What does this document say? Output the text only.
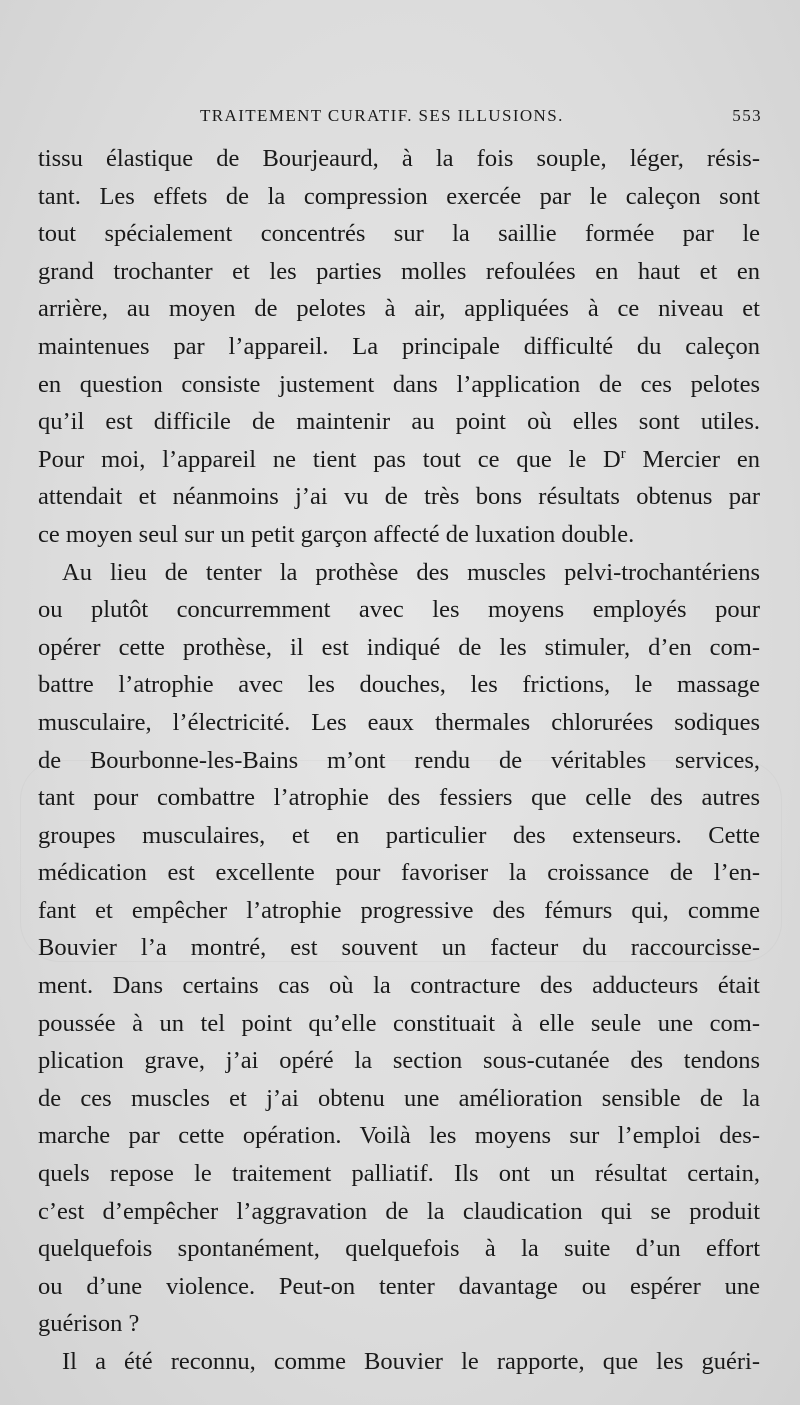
TRAITEMENT CURATIF. SES ILLUSIONS.	553

tissu élastique de Bourjeaurd, à la fois souple, léger, résis-
tant. Les effets de la compression exercée par le caleçon sont
tout spécialement concentrés sur la saillie formée par le
grand trochanter et les parties molles refoulées en haut et en
arrière, au moyen de pelotes à air, appliquées à ce niveau et
maintenues par l’appareil. La principale difficulté du caleçon
en question consiste justement dans l’application de ces pelotes
qu’il est difficile de maintenir au point où elles sont utiles.
Pour moi, l’appareil ne tient pas tout ce que le $D^r$ Mercier en
attendait et néanmoins j’ai vu de très bons résultats obtenus par
ce moyen seul sur un petit garçon affecté de luxation double.

Au lieu de tenter la prothèse des muscles pelvi-trochantériens
ou plutôt concurremment avec les moyens employés pour
opérer cette prothèse, il est indiqué de les stimuler, d’en com-
battre l’atrophie avec les douches, les frictions, le massage
musculaire, l’électricité. Les eaux thermales chlorurées sodiques
de Bourbonne-les-Bains m’ont rendu de véritables services,
tant pour combattre l’atrophie des fessiers que celle des autres
groupes musculaires, et en particulier des extenseurs. Cette
médication est excellente pour favoriser la croissance de l’en-
fant et empêcher l’atrophie progressive des fémurs qui, comme
Bouvier l’a montré, est souvent un facteur du raccourcisse-
ment. Dans certains cas où la contracture des adducteurs était
poussée à un tel point qu’elle constituait à elle seule une com-
plication grave, j’ai opéré la section sous-cutanée des tendons
de ces muscles et j’ai obtenu une amélioration sensible de la
marche par cette opération. Voilà les moyens sur l’emploi des-
quels repose le traitement palliatif. Ils ont un résultat certain,
c’est d’empêcher l’aggravation de la claudication qui se produit
quelquefois spontanément, quelquefois à la suite d’un effort
ou d’une violence. Peut-on tenter davantage ou espérer une
guérison ?

Il a été reconnu, comme Bouvier le rapporte, que les guéri-
